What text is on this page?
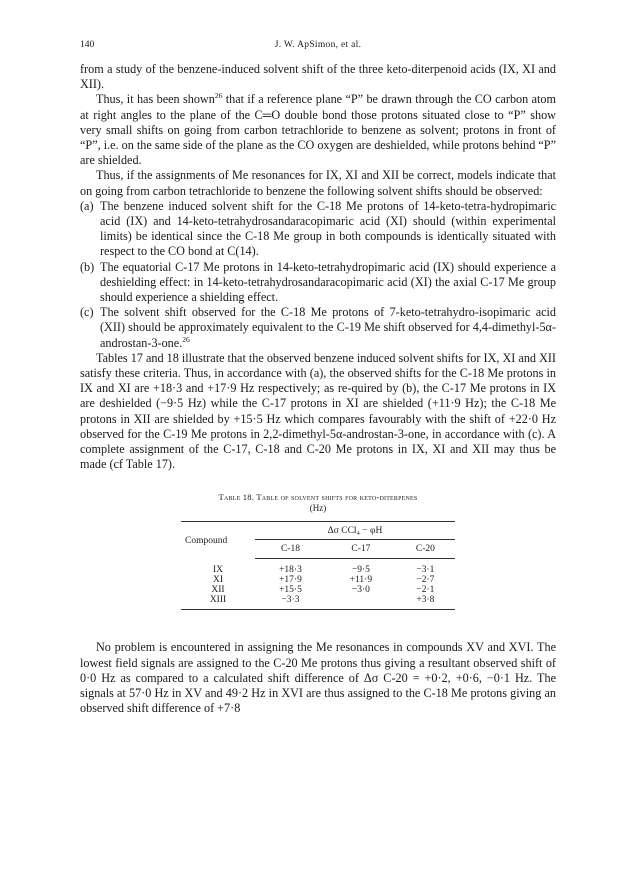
140	J. W. ApSimon, et al.

from a study of the benzene-induced solvent shift of the three keto-diterpenoid acids (IX, XI and XII).

Thus, it has been shown$^{26}$ that if a reference plane “P” be drawn through the CO carbon atom at right angles to the plane of the C═O double bond those protons situated close to “P” show very small shifts on going from carbon tetrachloride to benzene as solvent; protons in front of “P”, i.e. on the same side of the plane as the CO oxygen are deshielded, while protons behind “P” are shielded.

Thus, if the assignments of Me resonances for IX, XI and XII be correct, models indicate that on going from carbon tetrachloride to benzene the following solvent shifts should be observed:

(a) The benzene induced solvent shift for the C-18 Me protons of 14-keto-tetra-hydropimaric acid (IX) and 14-keto-tetrahydrosandaracopimaric acid (XI) should (within experimental limits) be identical since the C-18 Me group in both compounds is identically situated with respect to the CO bond at C(14).
(b) The equatorial C-17 Me protons in 14-keto-tetrahydropimaric acid (IX) should experience a deshielding effect: in 14-keto-tetrahydrosandaracopimaric acid (XI) the axial C-17 Me group should experience a shielding effect.
(c) The solvent shift observed for the C-18 Me protons of 7-keto-tetrahydro-isopimaric acid (XII) should be approximately equivalent to the C-19 Me shift observed for 4,4-dimethyl-5α-androstan-3-one.$^{26}$

Tables 17 and 18 illustrate that the observed benzene induced solvent shifts for IX, XI and XII satisfy these criteria. Thus, in accordance with (a), the observed shifts for the C-18 Me protons in IX and XI are +18·3 and +17·9 Hz respectively; as re-quired by (b), the C-17 Me protons in IX are deshielded (−9·5 Hz) while the C-17 protons in XI are shielded (+11·9 Hz); the C-18 Me protons in XII are shielded by +15·5 Hz which compares favourably with the shift of +22·0 Hz observed for the C-19 Me protons in 2,2-dimethyl-5α-androstan-3-one, in accordance with (c). A complete assignment of the C-17, C-18 and C-20 Me protons in IX, XI and XII may thus be made (cf Table 17).

Table 18. Table of solvent shifts for keto-diterpenes
(Hz)
Compound	Δσ CCl₄ − φH		
	C-18	C-17	C-20
IX	+18·3	−9·5	−3·1
XI	+17·9	+11·9	−2·7
XII	+15·5	−3·0	−2·1
XIII	−3·3		+3·8

No problem is encountered in assigning the Me resonances in compounds XV and XVI. The lowest field signals are assigned to the C-20 Me protons thus giving a resultant observed shift of 0·0 Hz as compared to a calculated shift difference of Δσ C-20 = +0·2, +0·6, −0·1 Hz. The signals at 57·0 Hz in XV and 49·2 Hz in XVI are thus assigned to the C-18 Me protons giving an observed shift difference of +7·8
